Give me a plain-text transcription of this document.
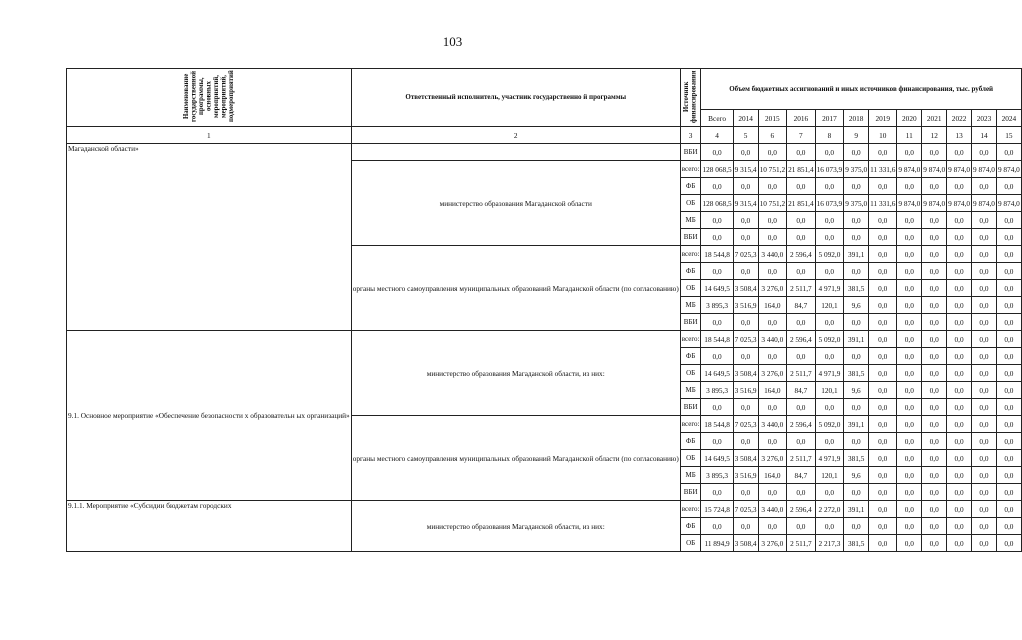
103
Наименование государственной программы, основных мероприятий, мероприятий, подмероприятий	Ответственный исполнитель, участник государственно й программы	Источник финансирования	Объем бюджетных ассигнований и иных источников финансирования, тыс. рублей											
			Всего	2014	2015	2016	2017	2018	2019	2020	2021	2022	2023	2024
1	2	3	4	5	6	7	8	9	10	11	12	13	14	15
Магаданской области»		ВБИ	0,0	0,0	0,0	0,0	0,0	0,0	0,0	0,0	0,0	0,0	0,0	0,0
	министерство образования Магаданской области	всего:	128 068,5	9 315,4	10 751,2	21 851,4	16 073,9	9 375,0	11 331,6	9 874,0	9 874,0	9 874,0	9 874,0	9 874,0
		ФБ	0,0	0,0	0,0	0,0	0,0	0,0	0,0	0,0	0,0	0,0	0,0	0,0
		ОБ	128 068,5	9 315,4	10 751,2	21 851,4	16 073,9	9 375,0	11 331,6	9 874,0	9 874,0	9 874,0	9 874,0	9 874,0
		МБ	0,0	0,0	0,0	0,0	0,0	0,0	0,0	0,0	0,0	0,0	0,0	0,0
		ВБИ	0,0	0,0	0,0	0,0	0,0	0,0	0,0	0,0	0,0	0,0	0,0	0,0
	органы местного самоуправления муниципальных образований Магаданской области (по согласованию)	всего:	18 544,8	7 025,3	3 440,0	2 596,4	5 092,0	391,1	0,0	0,0	0,0	0,0	0,0	0,0
		ФБ	0,0	0,0	0,0	0,0	0,0	0,0	0,0	0,0	0,0	0,0	0,0	0,0
		ОБ	14 649,5	3 508,4	3 276,0	2 511,7	4 971,9	381,5	0,0	0,0	0,0	0,0	0,0	0,0
		МБ	3 895,3	3 516,9	164,0	84,7	120,1	9,6	0,0	0,0	0,0	0,0	0,0	0,0
		ВБИ	0,0	0,0	0,0	0,0	0,0	0,0	0,0	0,0	0,0	0,0	0,0	0,0
9.1. Основное мероприятие «Обеспечение безопасности х образовательн ых организаций»	министерство образования Магаданской области, из них:	всего:	18 544,8	7 025,3	3 440,0	2 596,4	5 092,0	391,1	0,0	0,0	0,0	0,0	0,0	0,0
		ФБ	0,0	0,0	0,0	0,0	0,0	0,0	0,0	0,0	0,0	0,0	0,0	0,0
		ОБ	14 649,5	3 508,4	3 276,0	2 511,7	4 971,9	381,5	0,0	0,0	0,0	0,0	0,0	0,0
		МБ	3 895,3	3 516,9	164,0	84,7	120,1	9,6	0,0	0,0	0,0	0,0	0,0	0,0
		ВБИ	0,0	0,0	0,0	0,0	0,0	0,0	0,0	0,0	0,0	0,0	0,0	0,0
	органы местного самоуправления муниципальных образований Магаданской области (по согласованию)	всего:	18 544,8	7 025,3	3 440,0	2 596,4	5 092,0	391,1	0,0	0,0	0,0	0,0	0,0	0,0
		ФБ	0,0	0,0	0,0	0,0	0,0	0,0	0,0	0,0	0,0	0,0	0,0	0,0
		ОБ	14 649,5	3 508,4	3 276,0	2 511,7	4 971,9	381,5	0,0	0,0	0,0	0,0	0,0	0,0
		МБ	3 895,3	3 516,9	164,0	84,7	120,1	9,6	0,0	0,0	0,0	0,0	0,0	0,0
		ВБИ	0,0	0,0	0,0	0,0	0,0	0,0	0,0	0,0	0,0	0,0	0,0	0,0
9.1.1. Мероприятие «Субсидии бюджетам городских	министерство образования Магаданской области, из них:	всего:	15 724,8	7 025,3	3 440,0	2 596,4	2 272,0	391,1	0,0	0,0	0,0	0,0	0,0	0,0
		ФБ	0,0	0,0	0,0	0,0	0,0	0,0	0,0	0,0	0,0	0,0	0,0	0,0
		ОБ	11 894,9	3 508,4	3 276,0	2 511,7	2 217,3	381,5	0,0	0,0	0,0	0,0	0,0	0,0
